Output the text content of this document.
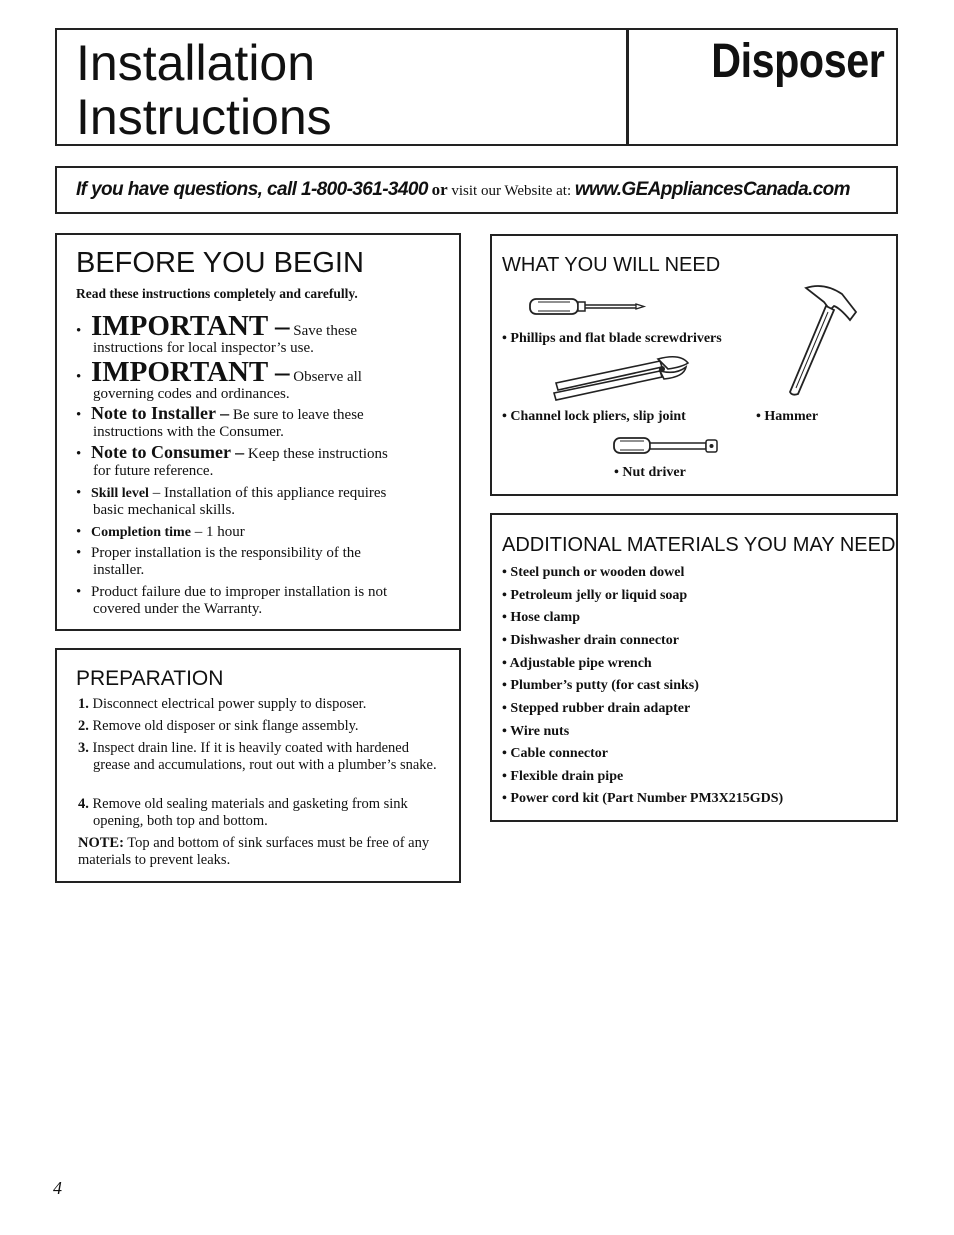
Installation
Instructions
Disposer
If you have questions, call 1-800-361-3400 or visit our Website at: www.GEAppliancesCanada.com
BEFORE YOU BEGIN
Read these instructions completely and carefully.
• IMPORTANT – Save these
instructions for local inspector’s use.
• IMPORTANT – Observe all
governing codes and ordinances.
• Note to Installer – Be sure to leave these
instructions with the Consumer.
• Note to Consumer – Keep these instructions
for future reference.
• Skill level – Installation of this appliance requires
basic mechanical skills.
• Completion time – 1 hour
• Proper installation is the responsibility of the
installer.
• Product failure due to improper installation is not
covered under the Warranty.
PREPARATION
1. Disconnect electrical power supply to disposer.
2. Remove old disposer or sink flange assembly.
3. Inspect drain line. If it is heavily coated with hardened grease and accumulations, rout out with a plumber’s snake.
4. Remove old sealing materials and gasketing from sink opening, both top and bottom.
NOTE: Top and bottom of sink surfaces must be free of any materials to prevent leaks.
WHAT YOU WILL NEED
• Phillips and flat blade screwdrivers
• Channel lock pliers, slip joint	• Hammer
• Nut driver
ADDITIONAL MATERIALS YOU MAY NEED
• Steel punch or wooden dowel
• Petroleum jelly or liquid soap
• Hose clamp
• Dishwasher drain connector
• Adjustable pipe wrench
• Plumber’s putty (for cast sinks)
• Stepped rubber drain adapter
• Wire nuts
• Cable connector
• Flexible drain pipe
• Power cord kit (Part Number PM3X215GDS)
4
